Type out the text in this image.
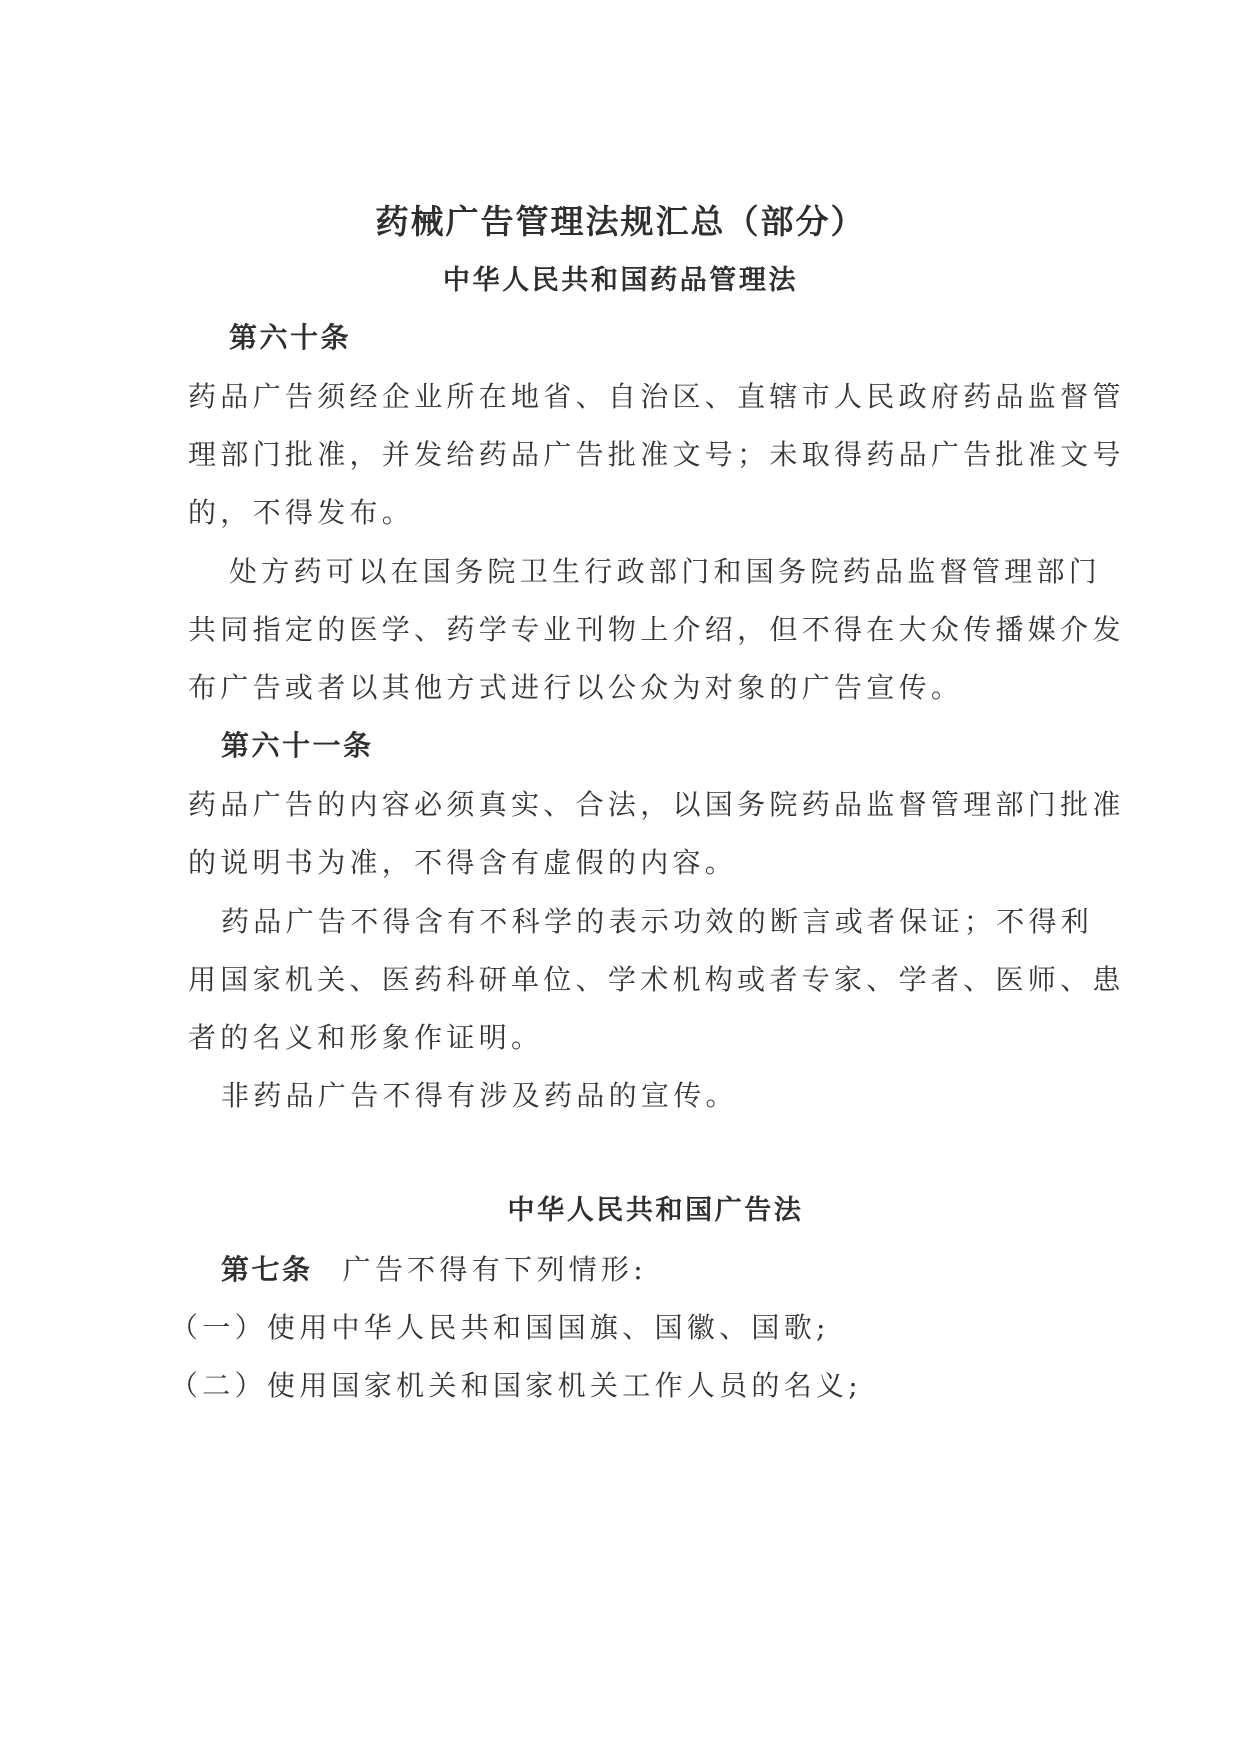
药械广告管理法规汇总（部分）
中华人民共和国药品管理法
第六十条
药品广告须经企业所在地省、自治区、直辖市人民政府药品监督管
理部门批准，并发给药品广告批准文号；未取得药品广告批准文号
的，不得发布。
处方药可以在国务院卫生行政部门和国务院药品监督管理部门
共同指定的医学、药学专业刊物上介绍，但不得在大众传播媒介发
布广告或者以其他方式进行以公众为对象的广告宣传。
第六十一条
药品广告的内容必须真实、合法，以国务院药品监督管理部门批准
的说明书为准，不得含有虚假的内容。
药品广告不得含有不科学的表示功效的断言或者保证；不得利
用国家机关、医药科研单位、学术机构或者专家、学者、医师、患
者的名义和形象作证明。
非药品广告不得有涉及药品的宣传。
中华人民共和国广告法
第七条 广告不得有下列情形:
（一）使用中华人民共和国国旗、国徽、国歌;
（二）使用国家机关和国家机关工作人员的名义;
